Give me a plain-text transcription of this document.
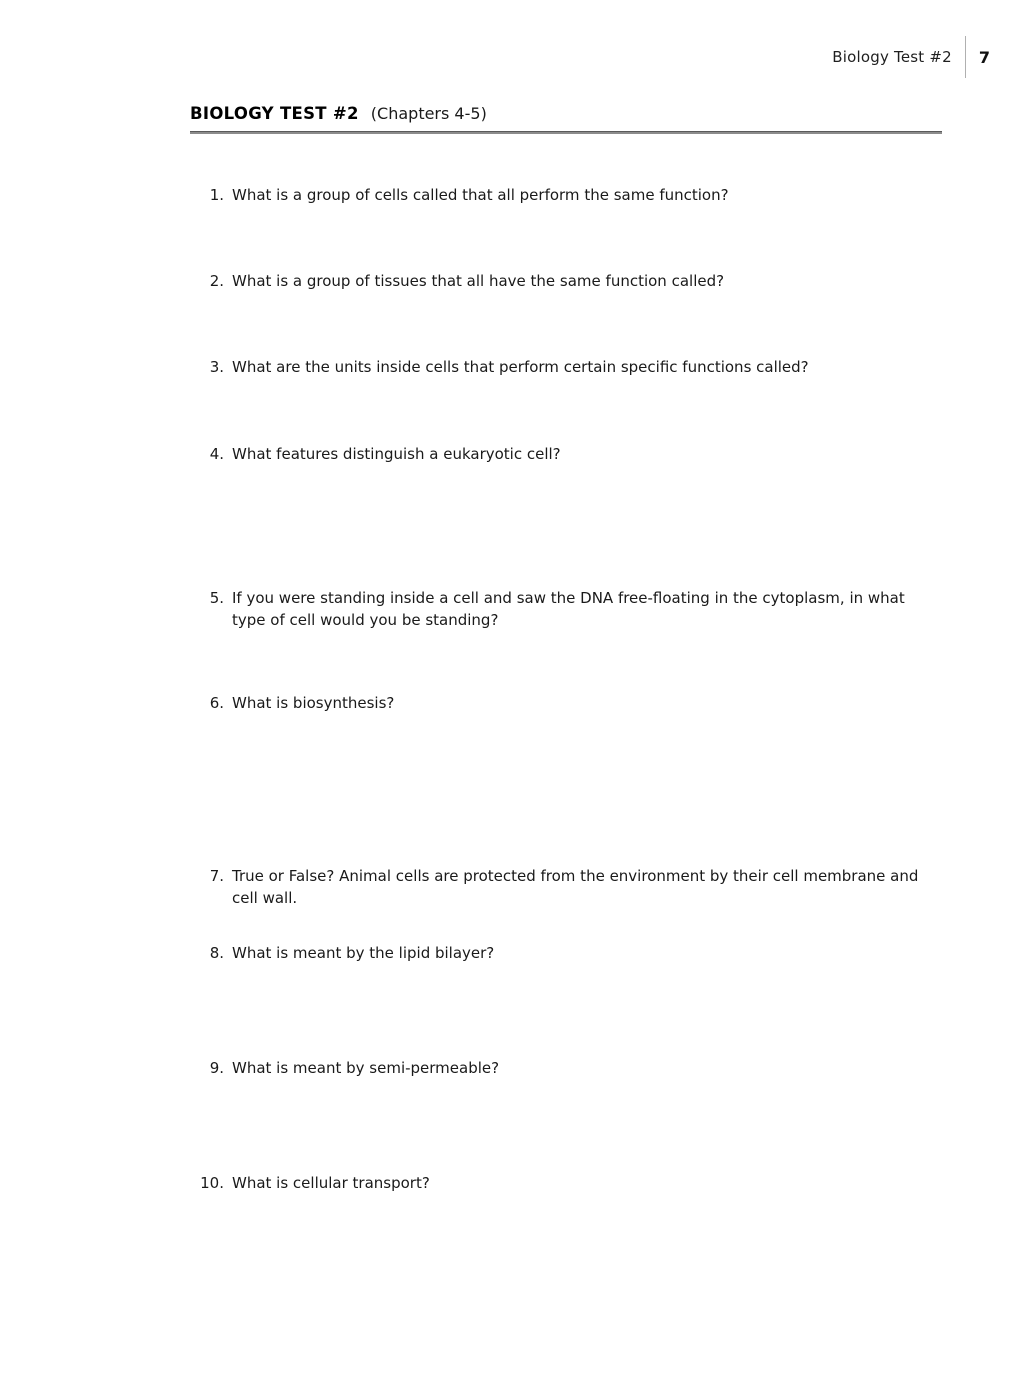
Biology Test #2 7
BIOLOGY TEST #2 (Chapters 4-5)
1. What is a group of cells called that all perform the same function?
2. What is a group of tissues that all have the same function called?
3. What are the units inside cells that perform certain specific functions called?
4. What features distinguish a eukaryotic cell?
5. If you were standing inside a cell and saw the DNA free-floating in the cytoplasm, in what type of cell would you be standing?
6. What is biosynthesis?
7. True or False? Animal cells are protected from the environment by their cell membrane and cell wall.
8. What is meant by the lipid bilayer?
9. What is meant by semi-permeable?
10. What is cellular transport?
